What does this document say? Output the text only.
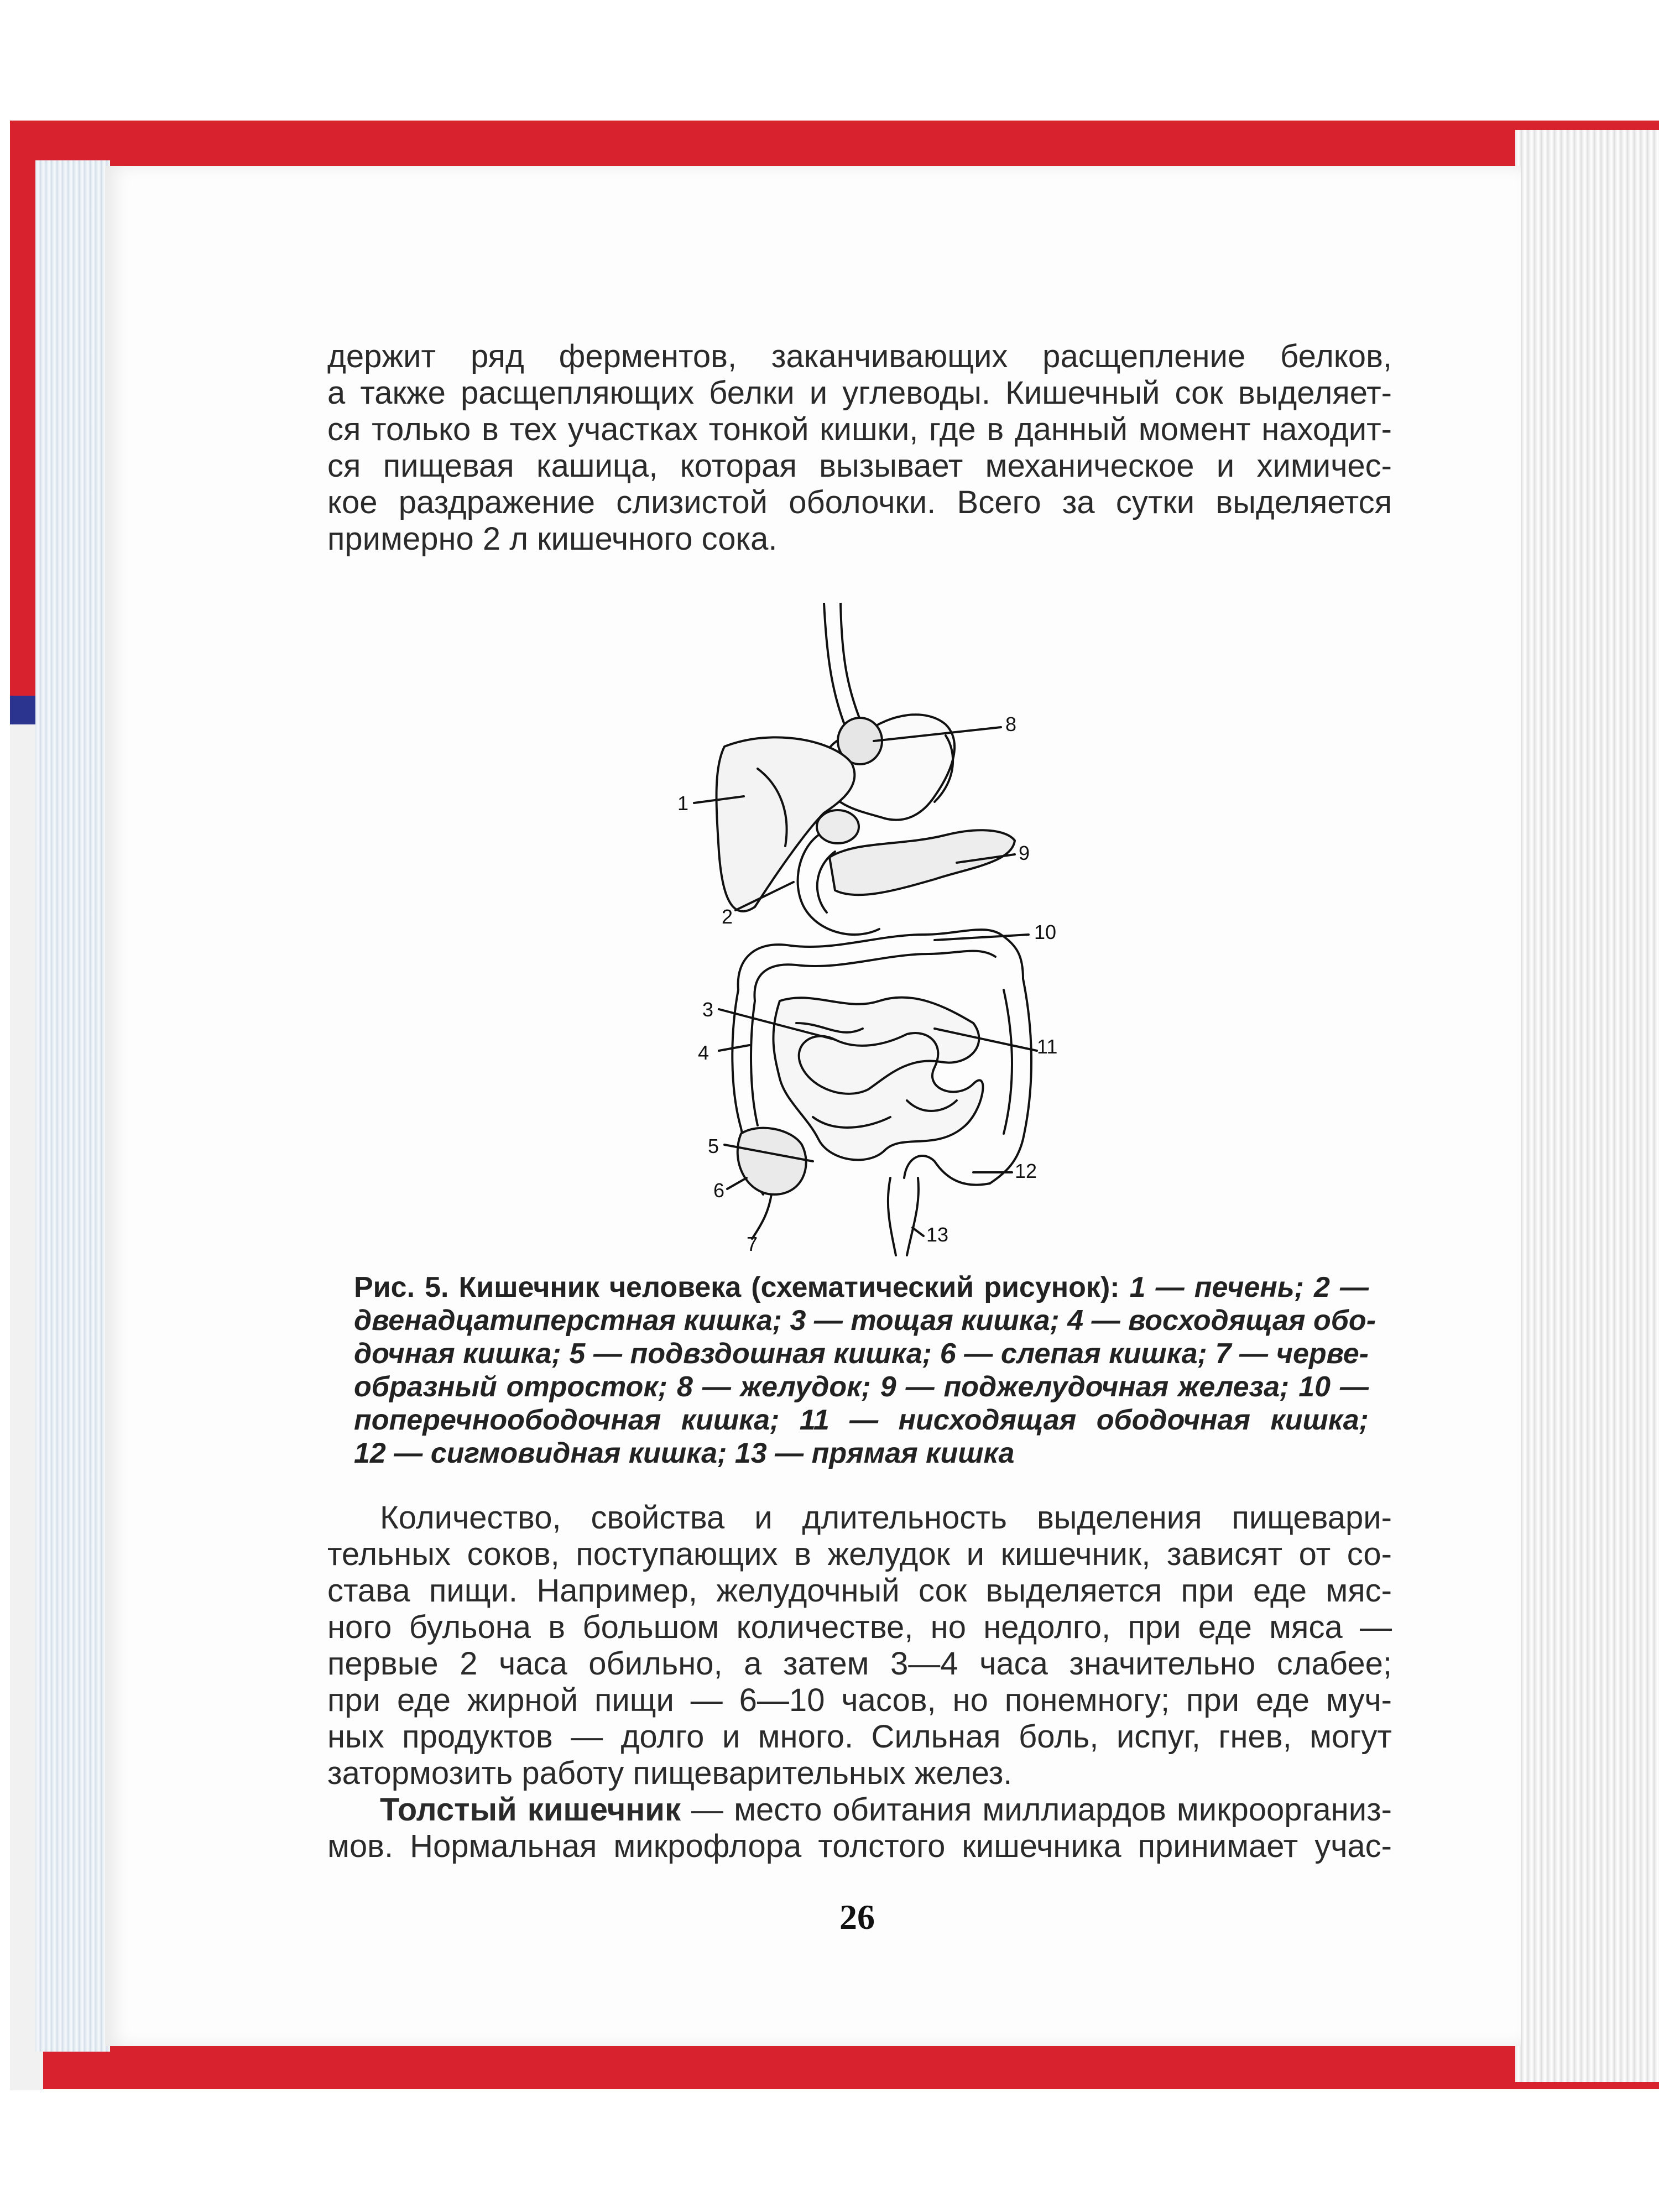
держит ряд ферментов, заканчивающих расщепление белков,
а также расщепляющих белки и углеводы. Кишечный сок выделяет-
ся только в тех участках тонкой кишки, где в данный момент находит-
ся пищевая кашица, которая вызывает механическое и химичес-
кое раздражение слизистой оболочки. Всего за сутки выделяется
примерно 2 л кишечного сока.
1
2
3
4
5
6
7
8
9
10
11
12
13
Рис. 5. Кишечник человека (схематический рисунок): 1 — печень; 2 —
двенадцатиперстная кишка; 3 — тощая кишка; 4 — восходящая обо-
дочная кишка; 5 — подвздошная кишка; 6 — слепая кишка; 7 — черве-
образный отросток; 8 — желудок; 9 — поджелудочная железа; 10 —
поперечноободочная кишка; 11 — нисходящая ободочная кишка;
12 — сигмовидная кишка; 13 — прямая кишка
Количество, свойства и длительность выделения пищевари-
тельных соков, поступающих в желудок и кишечник, зависят от со-
става пищи. Например, желудочный сок выделяется при еде мяс-
ного бульона в большом количестве, но недолго, при еде мяса —
первые 2 часа обильно, а затем 3—4 часа значительно слабее;
при еде жирной пищи — 6—10 часов, но понемногу; при еде муч-
ных продуктов — долго и много. Сильная боль, испуг, гнев, могут
затормозить работу пищеварительных желез.
Толстый кишечник — место обитания миллиардов микроорганиз-
мов. Нормальная микрофлора толстого кишечника принимает учас-
26
